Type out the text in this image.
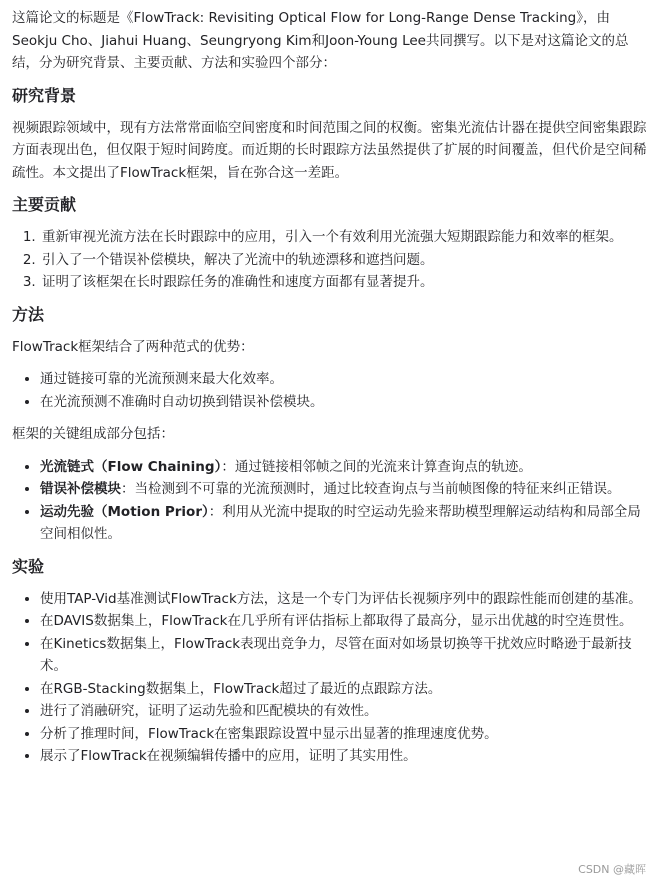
这篇论文的标题是《FlowTrack: Revisiting Optical Flow for Long-Range Dense Tracking》，由Seokju Cho、Jiahui Huang、Seungryong Kim和Joon-Young Lee共同撰写。以下是对这篇论文的总结，分为研究背景、主要贡献、方法和实验四个部分：

研究背景

视频跟踪领域中，现有方法常常面临空间密度和时间范围之间的权衡。密集光流估计器在提供空间密集跟踪方面表现出色，但仅限于短时间跨度。而近期的长时跟踪方法虽然提供了扩展的时间覆盖，但代价是空间稀疏性。本文提出了FlowTrack框架，旨在弥合这一差距。

主要贡献
1. 重新审视光流方法在长时跟踪中的应用，引入一个有效利用光流强大短期跟踪能力和效率的框架。
2. 引入了一个错误补偿模块，解决了光流中的轨迹漂移和遮挡问题。
3. 证明了该框架在长时跟踪任务的准确性和速度方面都有显著提升。
方法

FlowTrack框架结合了两种范式的优势：

• 通过链接可靠的光流预测来最大化效率。
• 在光流预测不准确时自动切换到错误补偿模块。

框架的关键组成部分包括：

• 光流链式（Flow Chaining）：通过链接相邻帧之间的光流来计算查询点的轨迹。
• 错误补偿模块：当检测到不可靠的光流预测时，通过比较查询点与当前帧图像的特征来纠正错误。
• 运动先验（Motion Prior）：利用从光流中提取的时空运动先验来帮助模型理解运动结构和局部全局空间相似性。
实验
• 使用TAP-Vid基准测试FlowTrack方法，这是一个专门为评估长视频序列中的跟踪性能而创建的基准。
• 在DAVIS数据集上，FlowTrack在几乎所有评估指标上都取得了最高分，显示出优越的时空连贯性。
• 在Kinetics数据集上，FlowTrack表现出竞争力，尽管在面对如场景切换等干扰效应时略逊于最新技术。
• 在RGB-Stacking数据集上，FlowTrack超过了最近的点跟踪方法。
• 进行了消融研究，证明了运动先验和匹配模块的有效性。
• 分析了推理时间，FlowTrack在密集跟踪设置中显示出显著的推理速度优势。
• 展示了FlowTrack在视频编辑传播中的应用，证明了其实用性。
CSDN @藏晖
